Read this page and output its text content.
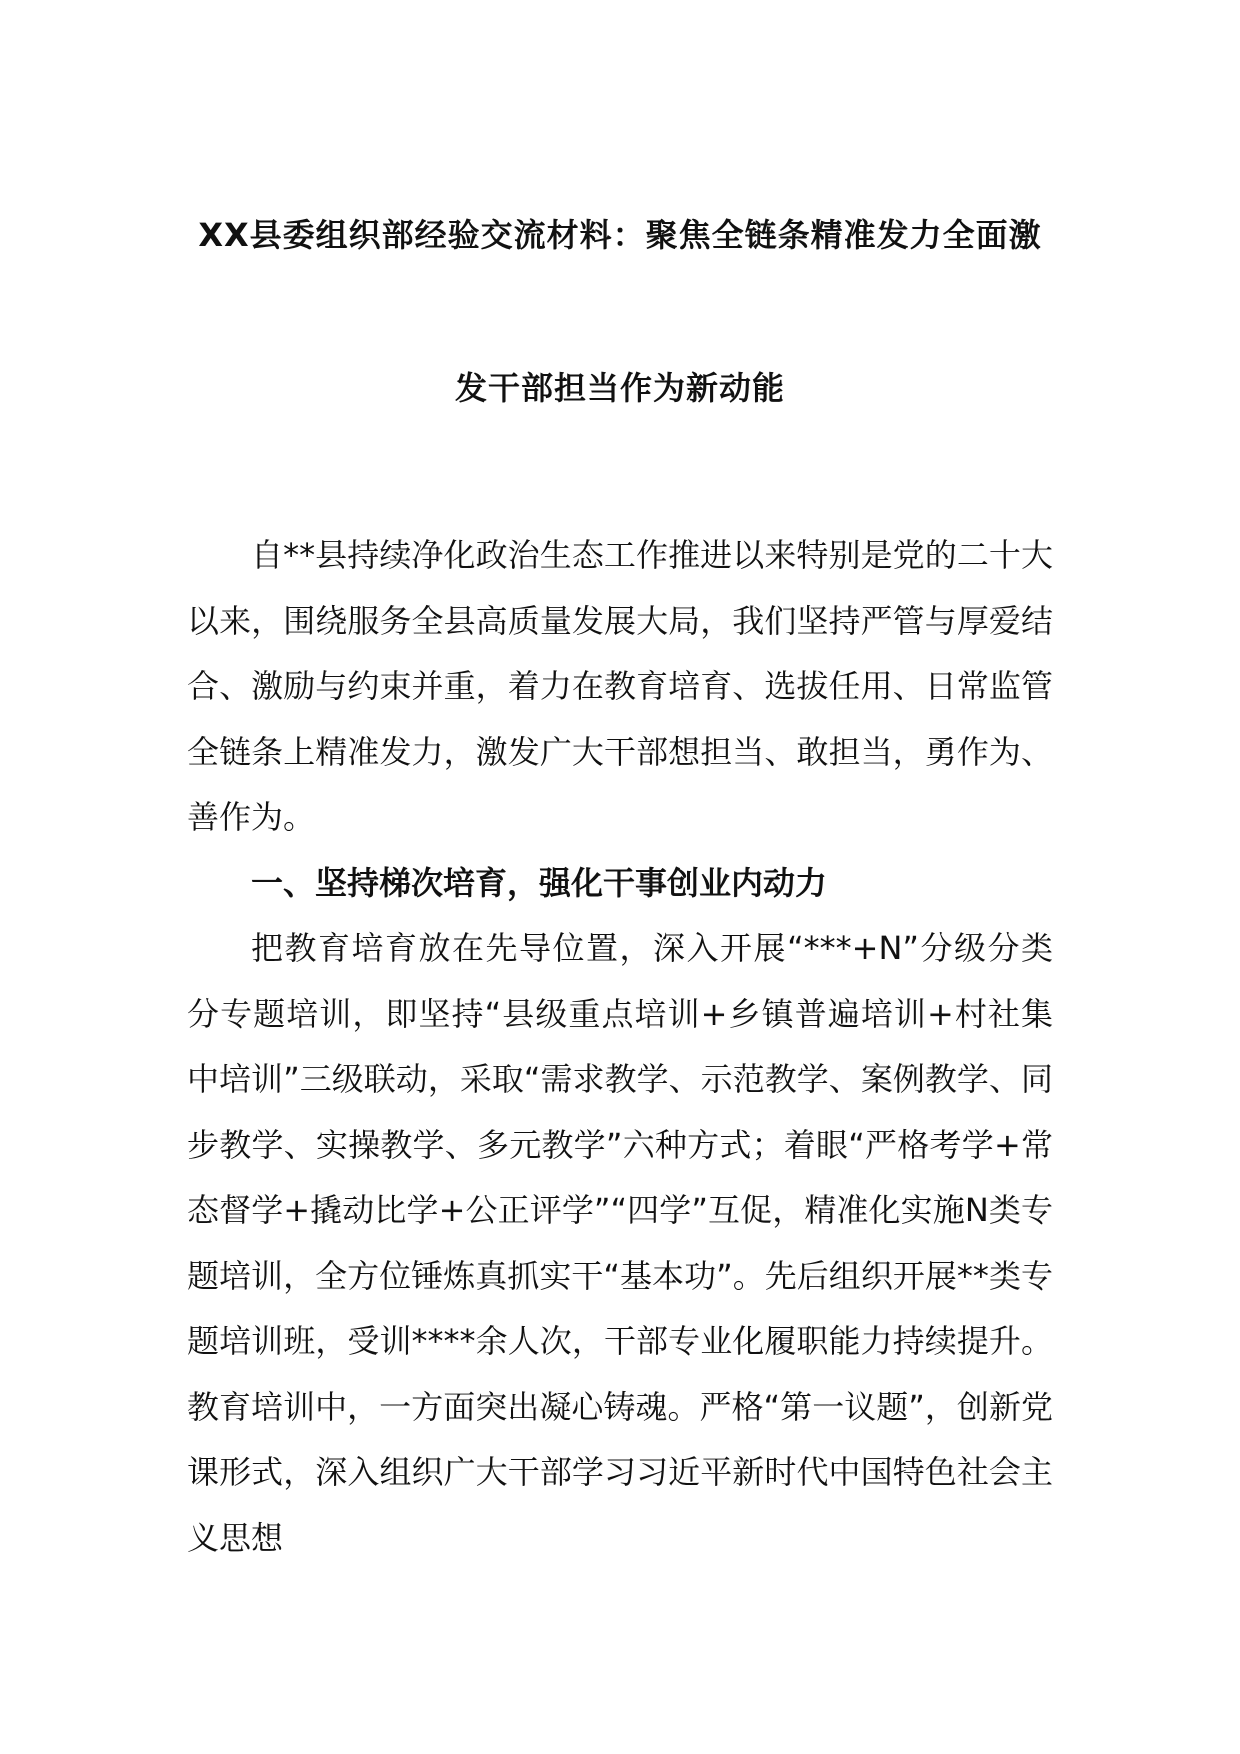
XX县委组织部经验交流材料：聚焦全链条精准发力全面激
发干部担当作为新动能

自**县持续净化政治生态工作推进以来特别是党的二十大以来，围绕服务全县高质量发展大局，我们坚持严管与厚爱结合、激励与约束并重，着力在教育培育、选拔任用、日常监管全链条上精准发力，激发广大干部想担当、敢担当，勇作为、善作为。

一、坚持梯次培育，强化干事创业内动力

把教育培育放在先导位置，深入开展“***+N”分级分类分专题培训，即坚持“县级重点培训+乡镇普遍培训+村社集中培训”三级联动，采取“需求教学、示范教学、案例教学、同步教学、实操教学、多元教学”六种方式；着眼“严格考学+常态督学+撬动比学+公正评学”“四学”互促，精准化实施N类专题培训，全方位锤炼真抓实干“基本功”。先后组织开展**类专题培训班，受训****余人次，干部专业化履职能力持续提升。教育培训中，一方面突出凝心铸魂。严格“第一议题”，创新党课形式，深入组织广大干部学习习近平新时代中国特色社会主义思想
